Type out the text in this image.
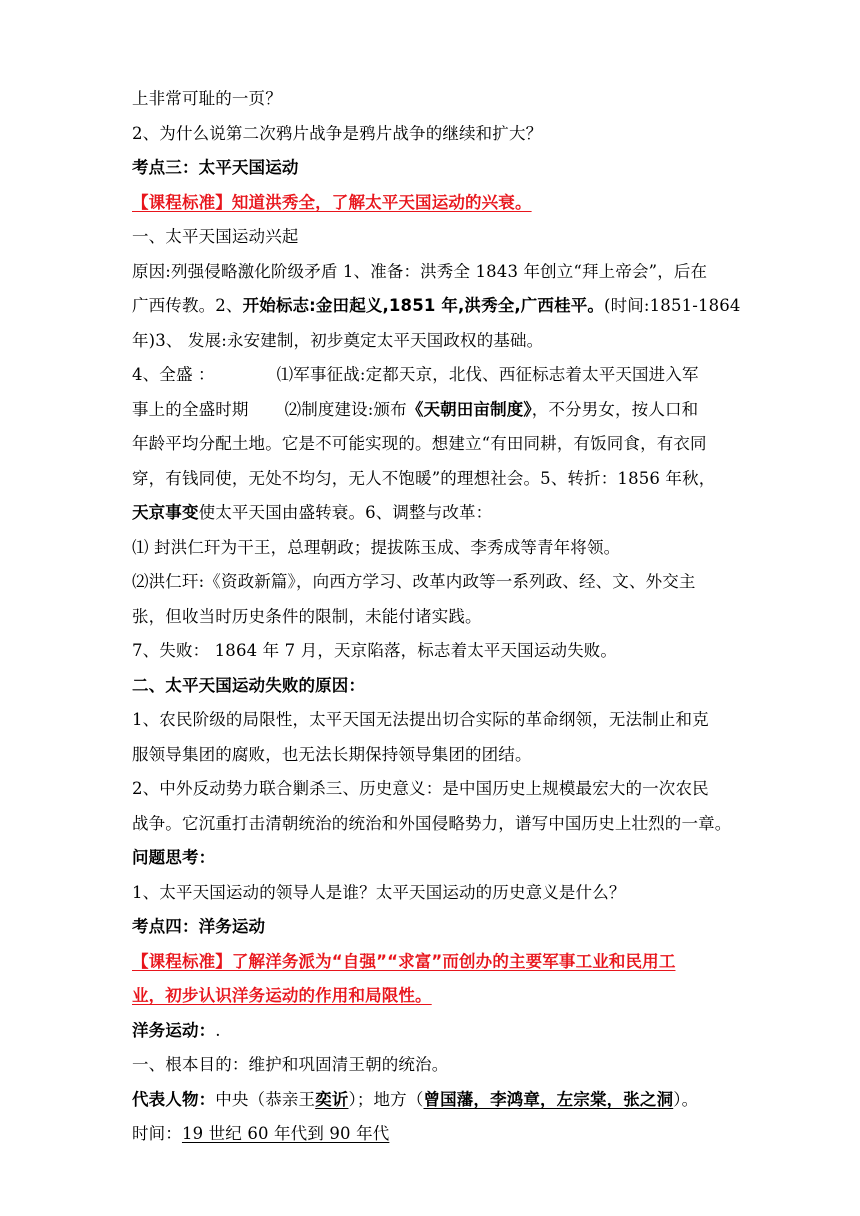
上非常可耻的一页？
2、为什么说第二次鸦片战争是鸦片战争的继续和扩大？
考点三：太平天国运动
【课程标准】知道洪秀全，了解太平天国运动的兴衰。
一、太平天国运动兴起
原因:列强侵略激化阶级矛盾 1、准备：洪秀全 1843 年创立“拜上帝会”，后在
广西传教。2、开始标志:金田起义,1851 年,洪秀全,广西桂平。(时间:1851-1864
年)3、 发展:永安建制，初步奠定太平天国政权的基础。
4、全盛 ：	⑴军事征战:定都天京，北伐、西征标志着太平天国进入军
事上的全盛时期 ⑵制度建设:颁布《天朝田亩制度》，不分男女，按人口和
年龄平均分配土地。它是不可能实现的。想建立“有田同耕，有饭同食，有衣同
穿，有钱同使，无处不均匀，无人不饱暖”的理想社会。5、转折：1856 年秋，
天京事变使太平天国由盛转衰。6、调整与改革：
⑴ 封洪仁玕为干王，总理朝政；提拔陈玉成、李秀成等青年将领。
⑵洪仁玕:《资政新篇》，向西方学习、改革内政等一系列政、经、文、外交主
张，但收当时历史条件的限制，未能付诸实践。
7、失败： 1864 年 7 月，天京陷落，标志着太平天国运动失败。
二、太平天国运动失败的原因：
1、农民阶级的局限性，太平天国无法提出切合实际的革命纲领，无法制止和克
服领导集团的腐败，也无法长期保持领导集团的团结。
2、中外反动势力联合剿杀三、历史意义：是中国历史上规模最宏大的一次农民
战争。它沉重打击清朝统治的统治和外国侵略势力，谱写中国历史上壮烈的一章。
问题思考：
1、太平天国运动的领导人是谁？太平天国运动的历史意义是什么？
考点四：洋务运动
【课程标准】了解洋务派为“自强”“求富”而创办的主要军事工业和民用工
业，初步认识洋务运动的作用和局限性。
洋务运动：.
一、根本目的：维护和巩固清王朝的统治。
代表人物：中央（恭亲王奕䜣）；地方（曾国藩，李鸿章，左宗棠，张之洞）。
时间：19 世纪 60 年代到 90 年代
